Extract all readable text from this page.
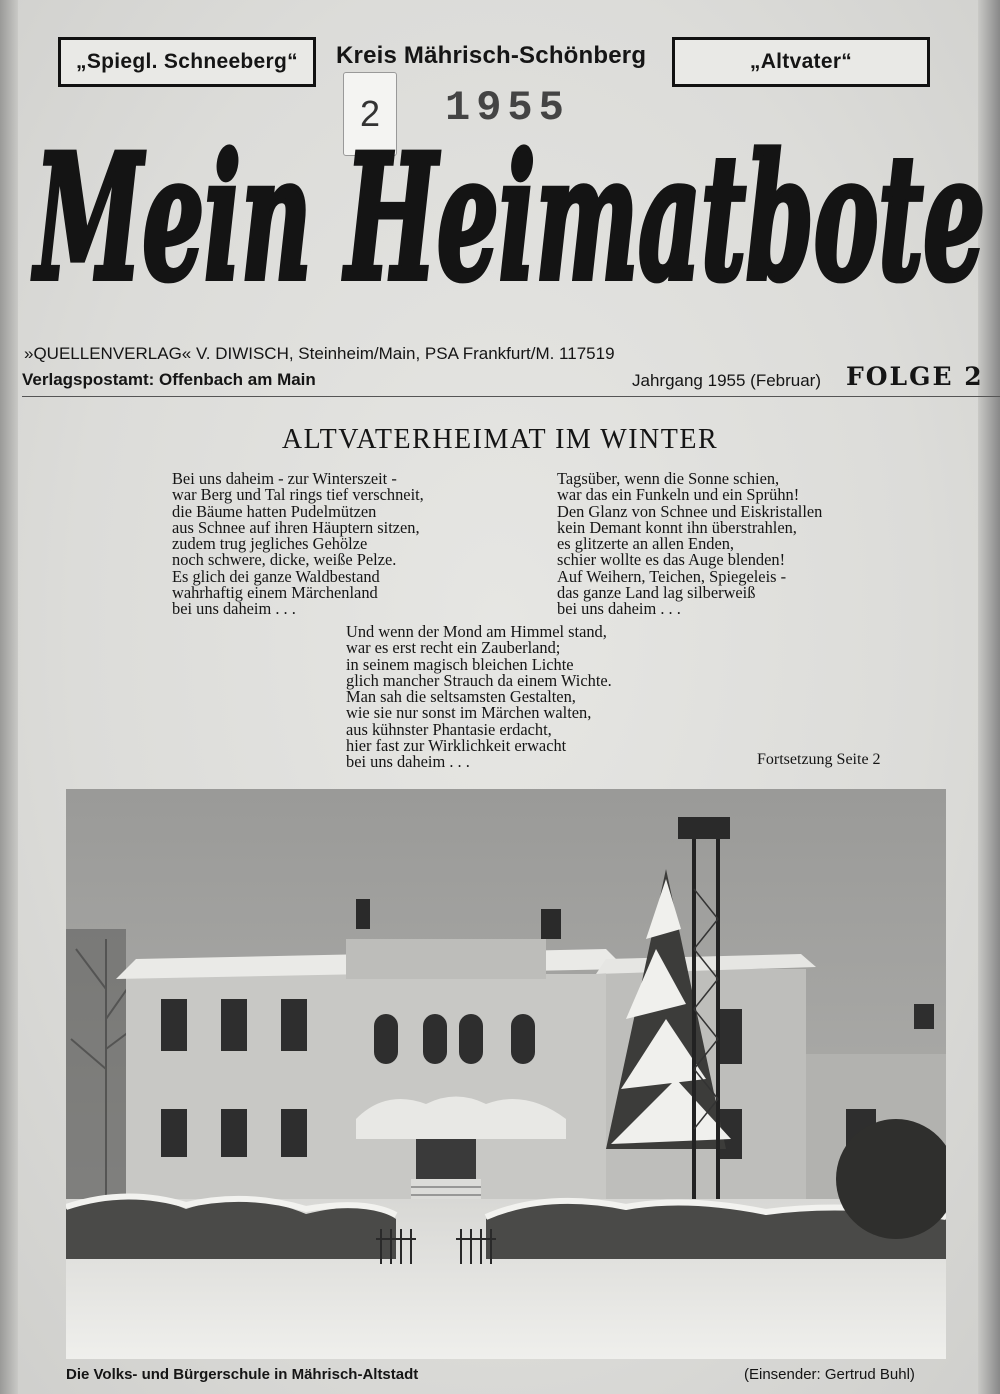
„Spiegl. Schneeberg“	Kreis Mährisch-Schönberg	„Altvater“
2	1955
Mein Heimatbote
»QUELLENVERLAG« V. DIWISCH, Steinheim/Main, PSA Frankfurt/M. 117519
Verlagspostamt: Offenbach am Main	Jahrgang 1955 (Februar) FOLGE 2
ALTVATERHEIMAT IM WINTER
Bei uns daheim - zur Winterszeit -
war Berg und Tal rings tief verschneit,
die Bäume hatten Pudelmützen
aus Schnee auf ihren Häuptern sitzen,
zudem trug jegliches Gehölze
noch schwere, dicke, weiße Pelze.
Es glich dei ganze Waldbestand
wahrhaftig einem Märchenland
bei uns daheim . . .
Tagsüber, wenn die Sonne schien,
war das ein Funkeln und ein Sprühn!
Den Glanz von Schnee und Eiskristallen
kein Demant konnt ihn überstrahlen,
es glitzerte an allen Enden,
schier wollte es das Auge blenden!
Auf Weihern, Teichen, Spiegeleis -
das ganze Land lag silberweiß
bei uns daheim . . .
Und wenn der Mond am Himmel stand,
war es erst recht ein Zauberland;
in seinem magisch bleichen Lichte
glich mancher Strauch da einem Wichte.
Man sah die seltsamsten Gestalten,
wie sie nur sonst im Märchen walten,
aus kühnster Phantasie erdacht,
hier fast zur Wirklichkeit erwacht
bei uns daheim . . .	Fortsetzung Seite 2
Die Volks- und Bürgerschule in Mährisch-Altstadt	(Einsender: Gertrud Buhl)
